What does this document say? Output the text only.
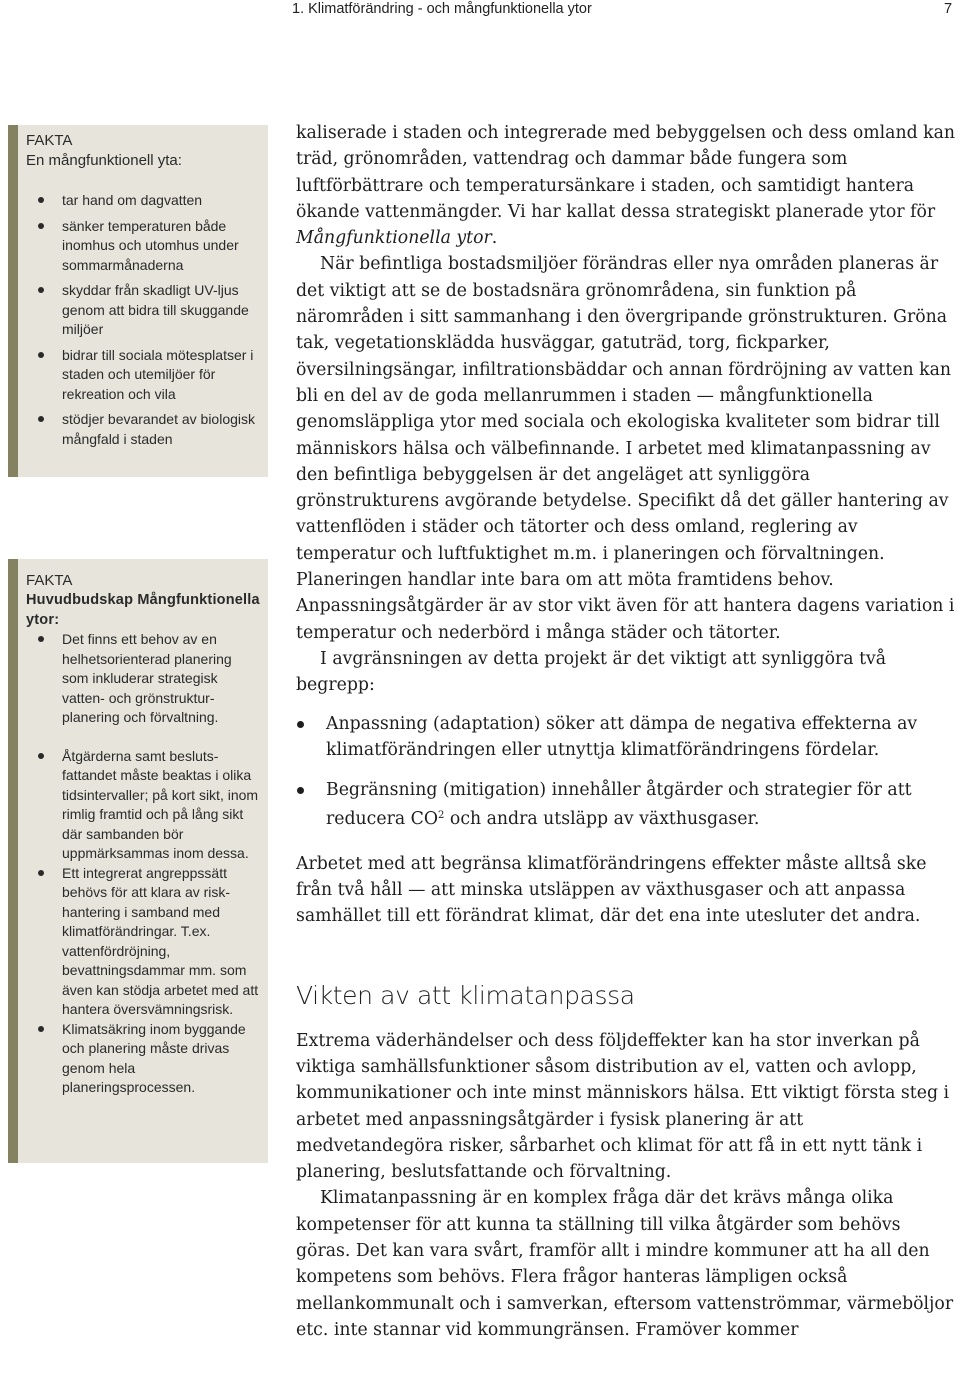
1. Klimatförändring - och mångfunktionella ytor	7
FAKTA
En mångfunktionell yta:
tar hand om dagvatten
sänker temperaturen både inomhus och utomhus under sommarmånaderna
skyddar från skadligt UV-ljus genom att bidra till skuggande miljöer
bidrar till sociala mötesplatser i staden och utemiljöer för rekreation och vila
stödjer bevarandet av biologisk mångfald i staden
FAKTA
Huvudbudskap Mångfunktionella ytor:
Det finns ett behov av en helhetsorienterad planering som inkluderar strategisk vatten- och grönstruktur-planering och förvaltning.
Åtgärderna samt besluts-fattandet måste beaktas i olika tidsintervaller; på kort sikt, inom rimlig framtid och på lång sikt där sambanden bör uppmärksammas inom dessa.
Ett integrerat angreppssätt behövs för att klara av risk-hantering i samband med klimatförändringar. T.ex. vattenfördröjning, bevattningsdammar mm. som även kan stödja arbetet med att hantera översvämningsrisk.
Klimatsäkring inom byggande och planering måste drivas genom hela planeringsprocessen.

kaliserade i staden och integrerade med bebyggelsen och dess omland kan träd, grönområden, vattendrag och dammar både fungera som luftförbättrare och temperatursänkare i staden, och samtidigt hantera ökande vattenmängder. Vi har kallat dessa strategiskt planerade ytor för Mångfunktionella ytor.

När befintliga bostadsmiljöer förändras eller nya områden planeras är det viktigt att se de bostadsnära grönområdena, sin funktion på närområden i sitt sammanhang i den övergripande grönstrukturen. Gröna tak, vegetationsklädda husväggar, gatuträd, torg, fickparker, översilningsängar, infiltrationsbäddar och annan fördröjning av vatten kan bli en del av de goda mellanrummen i staden — mångfunktionella genomsläppliga ytor med sociala och ekologiska kvaliteter som bidrar till människors hälsa och välbefinnande. I arbetet med klimatanpassning av den befintliga bebyggelsen är det angeläget att synliggöra grönstrukturens avgörande betydelse. Specifikt då det gäller hantering av vattenflöden i städer och tätorter och dess omland, reglering av temperatur och luftfuktighet m.m. i planeringen och förvaltningen. Planeringen handlar inte bara om att möta framtidens behov. Anpassningsåtgärder är av stor vikt även för att hantera dagens variation i temperatur och nederbörd i många städer och tätorter.

I avgränsningen av detta projekt är det viktigt att synliggöra två begrepp:

Anpassning (adaptation) söker att dämpa de negativa effekterna av klimatförändringen eller utnyttja klimatförändringens fördelar.
Begränsning (mitigation) innehåller åtgärder och strategier för att reducera $CO^2$ och andra utsläpp av växthusgaser.

Arbetet med att begränsa klimatförändringens effekter måste alltså ske från två håll — att minska utsläppen av växthusgaser och att anpassa samhället till ett förändrat klimat, där det ena inte utesluter det andra.

Vikten av att klimatanpassa

Extrema väderhändelser och dess följdeffekter kan ha stor inverkan på viktiga samhällsfunktioner såsom distribution av el, vatten och avlopp, kommunikationer och inte minst människors hälsa. Ett viktigt första steg i arbetet med anpassningsåtgärder i fysisk planering är att medvetandegöra risker, sårbarhet och klimat för att få in ett nytt tänk i planering, beslutsfattande och förvaltning.

Klimatanpassning är en komplex fråga där det krävs många olika kompetenser för att kunna ta ställning till vilka åtgärder som behövs göras. Det kan vara svårt, framför allt i mindre kommuner att ha all den kompetens som behövs. Flera frågor hanteras lämpligen också mellankommunalt och i samverkan, eftersom vattenströmmar, värmeböljor etc. inte stannar vid kommungränsen. Framöver kommer
